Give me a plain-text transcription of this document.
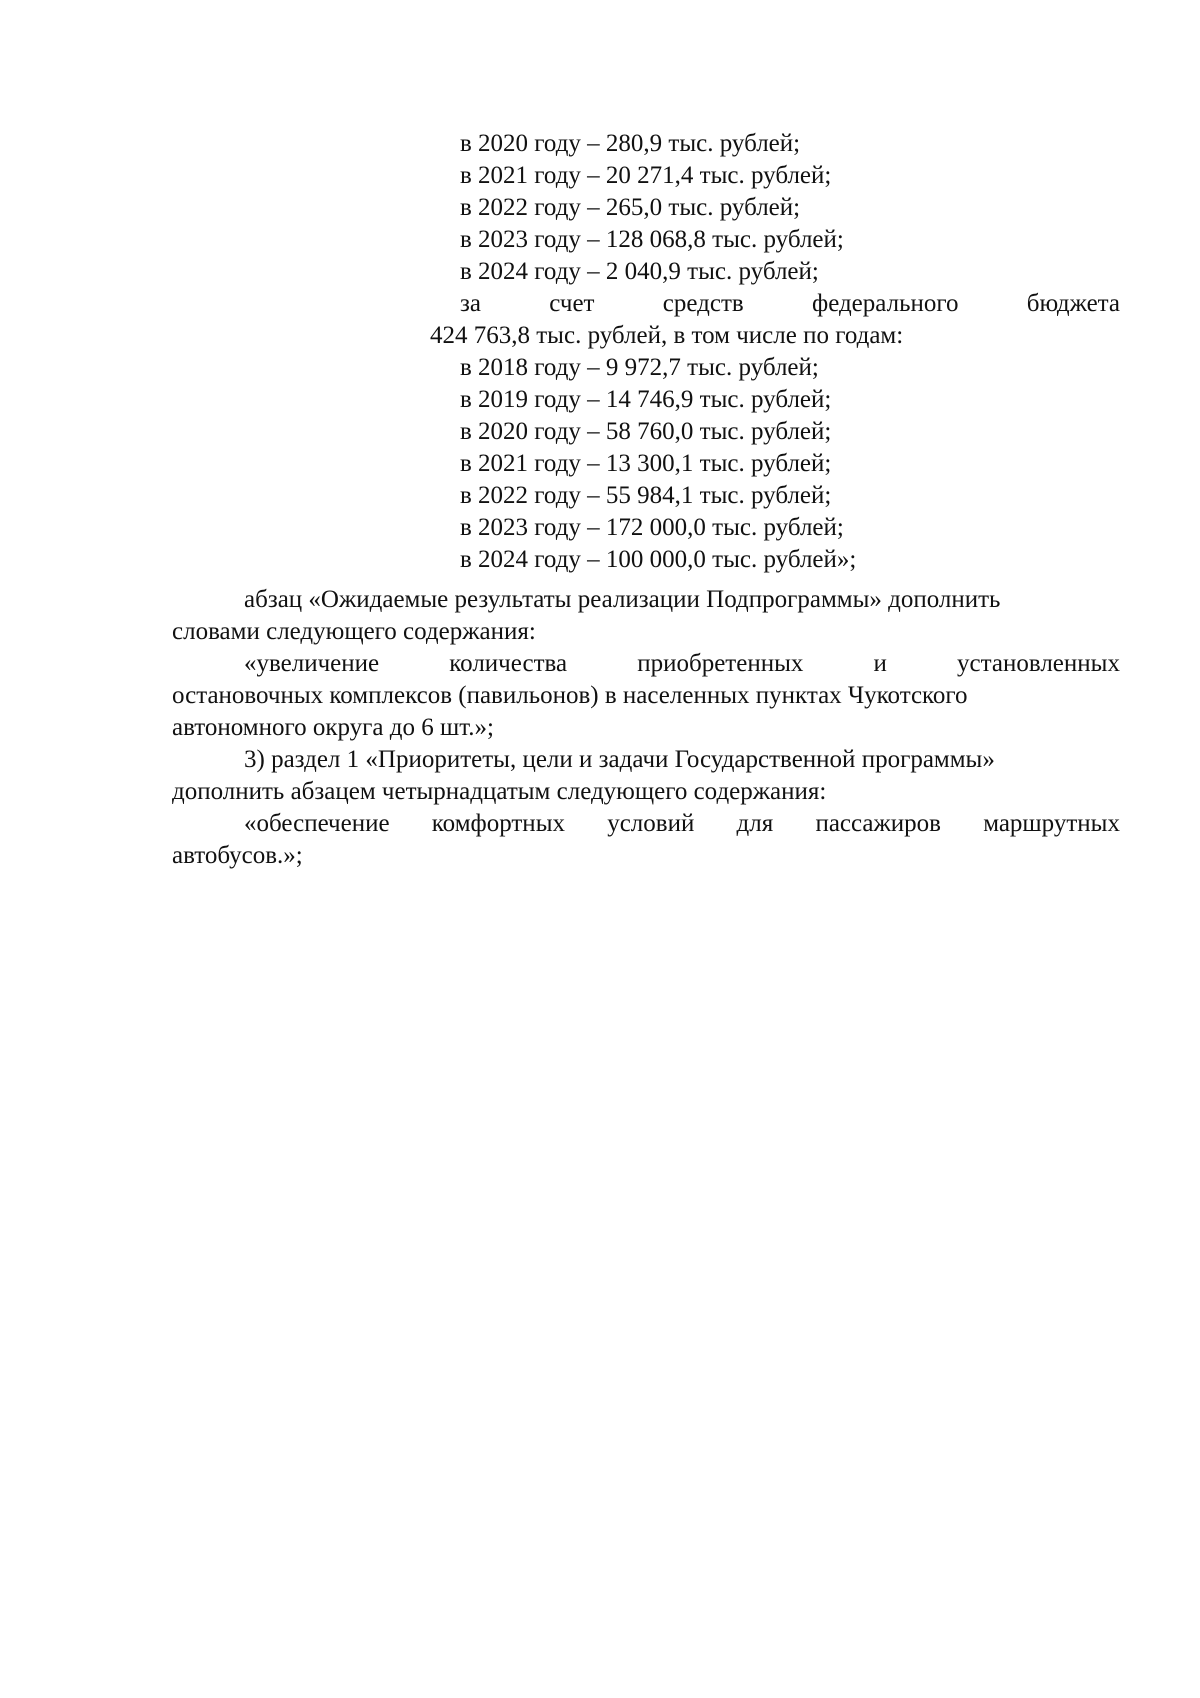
в 2020 году – 280,9 тыс. рублей;
в 2021 году – 20 271,4 тыс. рублей;
в 2022 году – 265,0 тыс. рублей;
в 2023 году – 128 068,8 тыс. рублей;
в 2024 году – 2 040,9 тыс. рублей;
за	счет	средств	федерального	бюджета
424 763,8 тыс. рублей, в том числе по годам:
в 2018 году – 9 972,7 тыс. рублей;
в 2019 году – 14 746,9 тыс. рублей;
в 2020 году – 58 760,0 тыс. рублей;
в 2021 году – 13 300,1 тыс. рублей;
в 2022 году – 55 984,1 тыс. рублей;
в 2023 году – 172 000,0 тыс. рублей;
в 2024 году – 100 000,0 тыс. рублей»;
абзац «Ожидаемые результаты реализации Подпрограммы» дополнить
словами следующего содержания:
«увеличение	количества	приобретенных	и	установленных
остановочных комплексов (павильонов) в населенных пунктах Чукотского
автономного округа до 6 шт.»;
3) раздел 1 «Приоритеты, цели и задачи Государственной программы»
дополнить абзацем четырнадцатым следующего содержания:
«обеспечение комфортных условий для пассажиров маршрутных
автобусов.»;
